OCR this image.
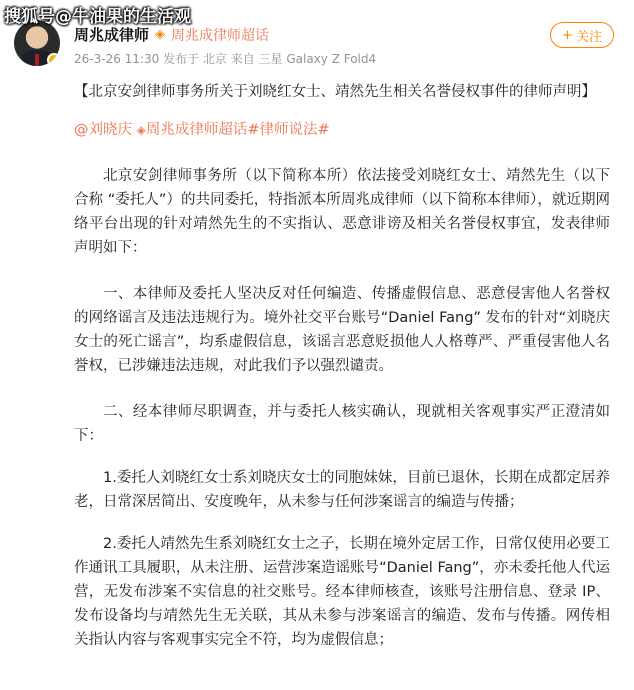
搜狐号@牛油果的生活观
周兆成律师 ◈ 周兆成律师超话
26-3-26 11:30 发布于 北京 来自 三星 Galaxy Z Fold4
+ 关注
【北京安剑律师事务所关于刘晓红女士、靖然先生相关名誉侵权事件的律师声明】
@刘晓庆 ◈周兆成律师超话#律师说法#

北京安剑律师事务所（以下简称本所）依法接受刘晓红女士、靖然先生（以下合称 “委托人”）的共同委托，特指派本所周兆成律师（以下简称本律师），就近期网络平台出现的针对靖然先生的不实指认、恶意诽谤及相关名誉侵权事宜，发表律师声明如下：

一、本律师及委托人坚决反对任何编造、传播虚假信息、恶意侵害他人名誉权的网络谣言及违法违规行为。境外社交平台账号“Daniel Fang” 发布的针对“刘晓庆女士的死亡谣言”，均系虚假信息，该谣言恶意贬损他人人格尊严、严重侵害他人名誉权，已涉嫌违法违规，对此我们予以强烈谴责。

二、经本律师尽职调查，并与委托人核实确认，现就相关客观事实严正澄清如下：

1.委托人刘晓红女士系刘晓庆女士的同胞妹妹，目前已退休，长期在成都定居养老，日常深居简出、安度晚年，从未参与任何涉案谣言的编造与传播；

2.委托人靖然先生系刘晓红女士之子，长期在境外定居工作，日常仅使用必要工作通讯工具履职，从未注册、运营涉案造谣账号“Daniel Fang”，亦未委托他人代运营，无发布涉案不实信息的社交账号。经本律师核查，该账号注册信息、登录 IP、发布设备均与靖然先生无关联，其从未参与涉案谣言的编造、发布与传播。网传相关指认内容与客观事实完全不符，均为虚假信息；
